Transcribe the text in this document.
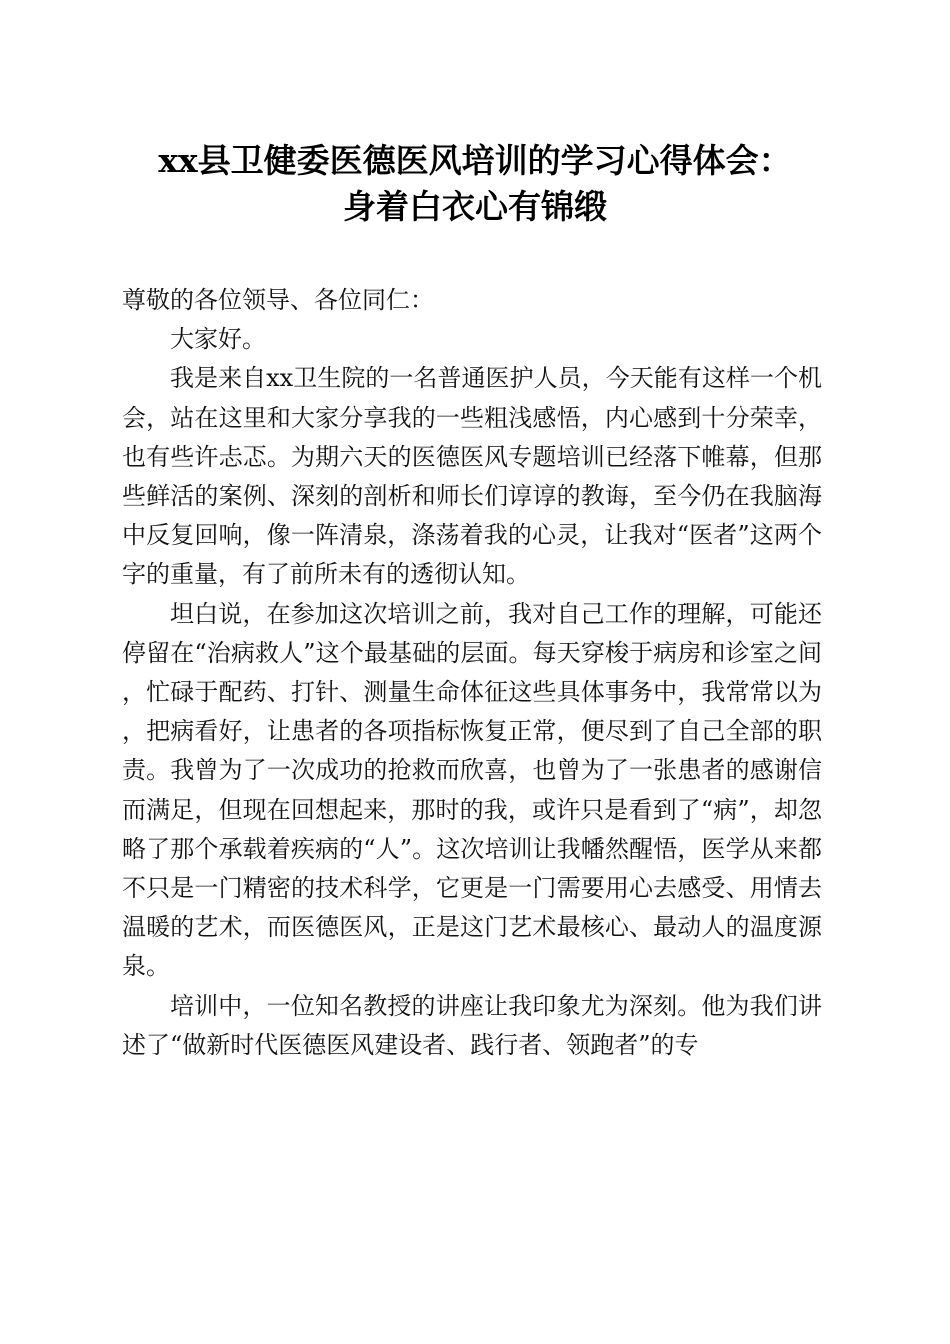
xx县卫健委医德医风培训的学习心得体会：
身着白衣心有锦缎

尊敬的各位领导、各位同仁：

大家好。

我是来自xx卫生院的一名普通医护人员，今天能有这样一个机会，站在这里和大家分享我的一些粗浅感悟，内心感到十分荣幸，也有些许忐忑。为期六天的医德医风专题培训已经落下帷幕，但那些鲜活的案例、深刻的剖析和师长们谆谆的教诲，至今仍在我脑海中反复回响，像一阵清泉，涤荡着我的心灵，让我对“医者”这两个字的重量，有了前所未有的透彻认知。

坦白说，在参加这次培训之前，我对自己工作的理解，可能还停留在“治病救人”这个最基础的层面。每天穿梭于病房和诊室之间，忙碌于配药、打针、测量生命体征这些具体事务中，我常常以为，把病看好，让患者的各项指标恢复正常，便尽到了自己全部的职责。我曾为了一次成功的抢救而欣喜，也曾为了一张患者的感谢信而满足，但现在回想起来，那时的我，或许只是看到了“病”，却忽略了那个承载着疾病的“人”。这次培训让我幡然醒悟，医学从来都不只是一门精密的技术科学，它更是一门需要用心去感受、用情去温暖的艺术，而医德医风，正是这门艺术最核心、最动人的温度源泉。

培训中，一位知名教授的讲座让我印象尤为深刻。他为我们讲述了“做新时代医德医风建设者、践行者、领跑者”的专
